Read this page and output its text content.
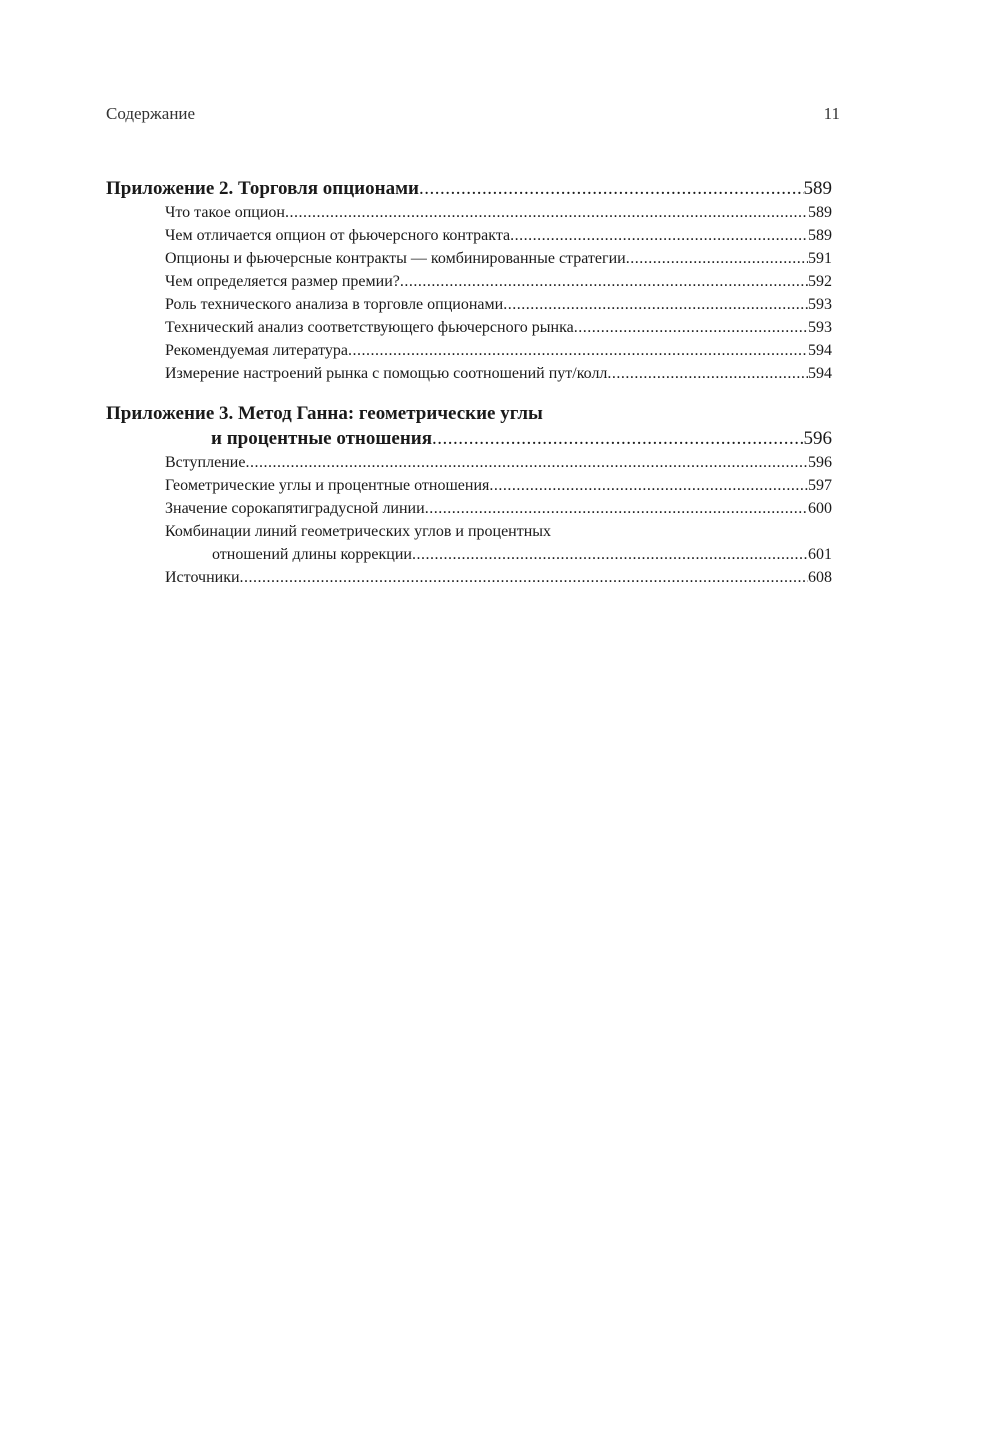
Содержание	11
Приложение 2. Торговля опционами .....	589
Что такое опцион .....	589
Чем отличается опцион от фьючерсного контракта .....	589
Опционы и фьючерсные контракты — комбинированные стратегии .....	591
Чем определяется размер премии? .....	592
Роль технического анализа в торговле опционами .....	593
Технический анализ соответствующего фьючерсного рынка .....	593
Рекомендуемая литература .....	594
Измерение настроений рынка с помощью соотношений пут/колл .....	594
Приложение 3. Метод Ганна: геометрические углы
и процентные отношения .....	596
Вступление .....	596
Геометрические углы и процентные отношения .....	597
Значение сорокапятиградусной линии .....	600
Комбинации линий геометрических углов и процентных
отношений длины коррекции .....	601
Источники .....	608
